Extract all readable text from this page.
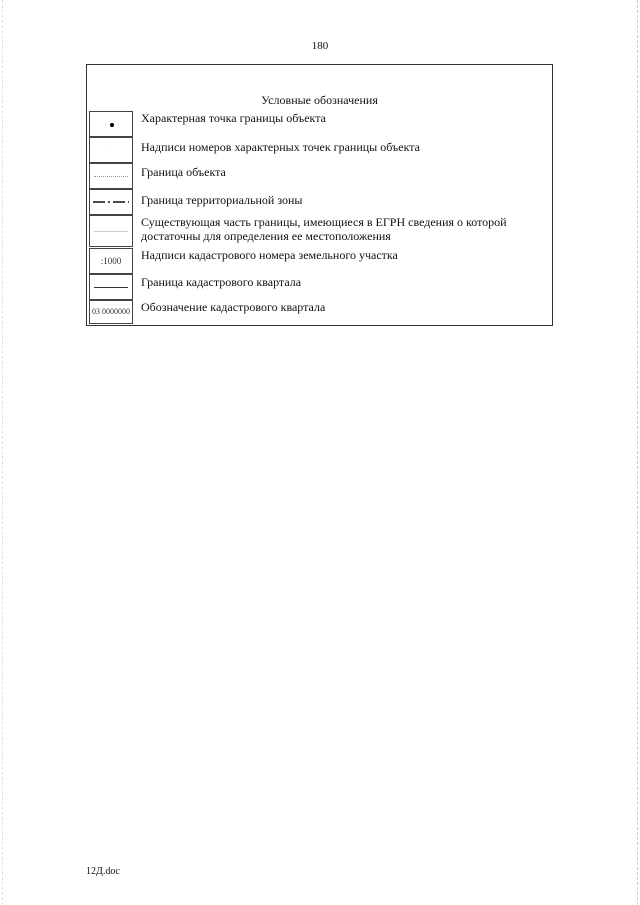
180
Условные обозначения
Характерная точка границы объекта
·	Надписи номеров характерных точек границы объекта
Граница объекта
Граница территориальной зоны
Существующая часть границы, имеющиеся в ЕГРН сведения о которой достаточны для определения ее местоположения
:1000	Надписи кадастрового номера земельного участка
Граница кадастрового квартала
03 0000000 Обозначение кадастрового квартала
12Д.doc
